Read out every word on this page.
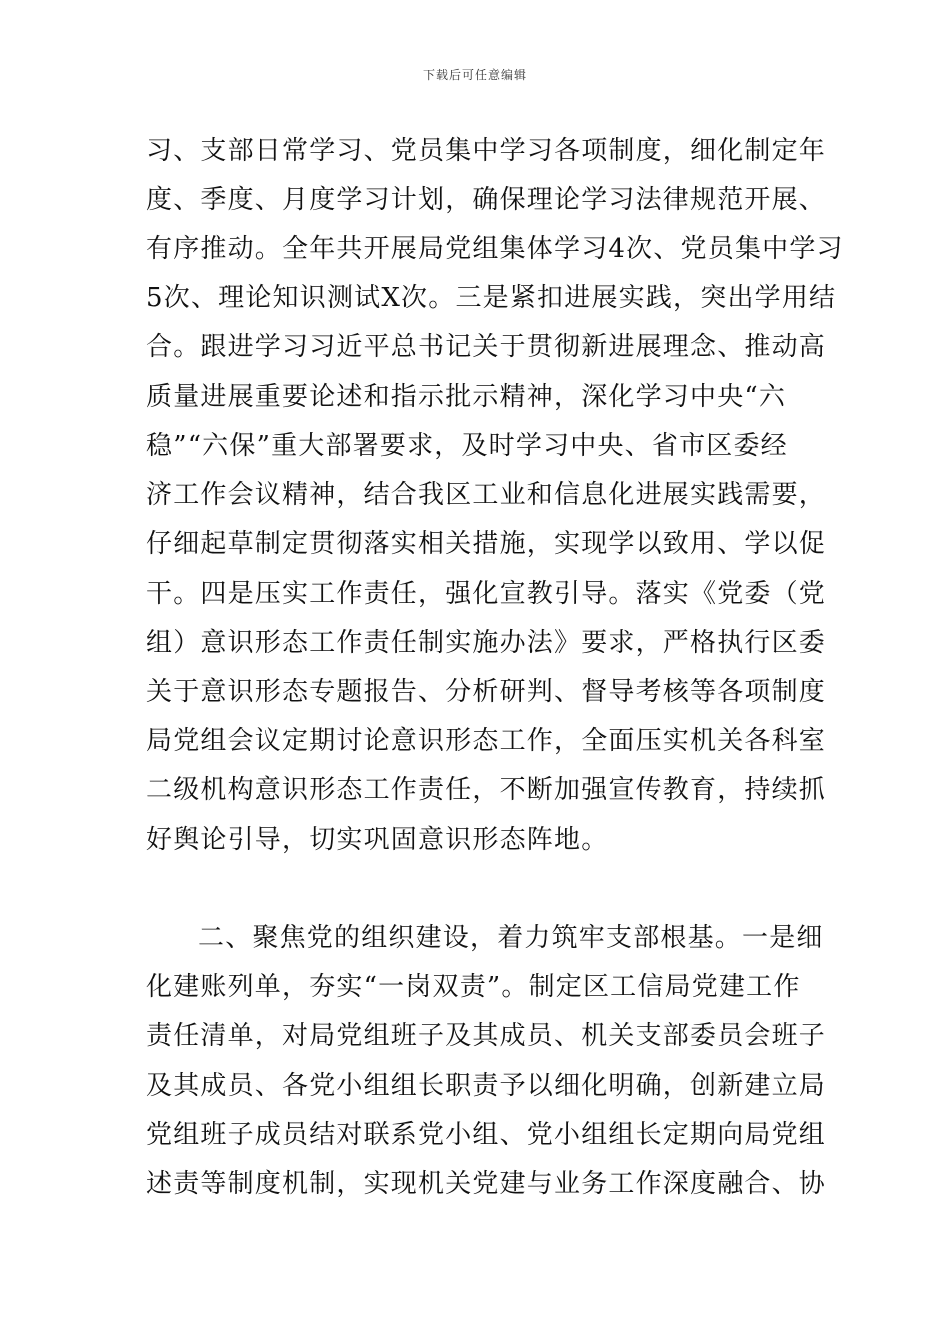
下载后可任意编辑
习、支部日常学习、党员集中学习各项制度，细化制定年
度、季度、月度学习计划，确保理论学习法律规范开展、
有序推动。全年共开展局党组集体学习4次、党员集中学习
5次、理论知识测试X次。三是紧扣进展实践，突出学用结
合。跟进学习习近平总书记关于贯彻新进展理念、推动高
质量进展重要论述和指示批示精神，深化学习中央“六
稳”“六保”重大部署要求，及时学习中央、省市区委经
济工作会议精神，结合我区工业和信息化进展实践需要，
仔细起草制定贯彻落实相关措施，实现学以致用、学以促
干。四是压实工作责任，强化宣教引导。落实《党委（党
组）意识形态工作责任制实施办法》要求，严格执行区委
关于意识形态专题报告、分析研判、督导考核等各项制度
局党组会议定期讨论意识形态工作，全面压实机关各科室
二级机构意识形态工作责任，不断加强宣传教育，持续抓
好舆论引导，切实巩固意识形态阵地。
二、聚焦党的组织建设，着力筑牢支部根基。一是细
化建账列单，夯实“一岗双责”。制定区工信局党建工作
责任清单，对局党组班子及其成员、机关支部委员会班子
及其成员、各党小组组长职责予以细化明确，创新建立局
党组班子成员结对联系党小组、党小组组长定期向局党组
述责等制度机制，实现机关党建与业务工作深度融合、协
